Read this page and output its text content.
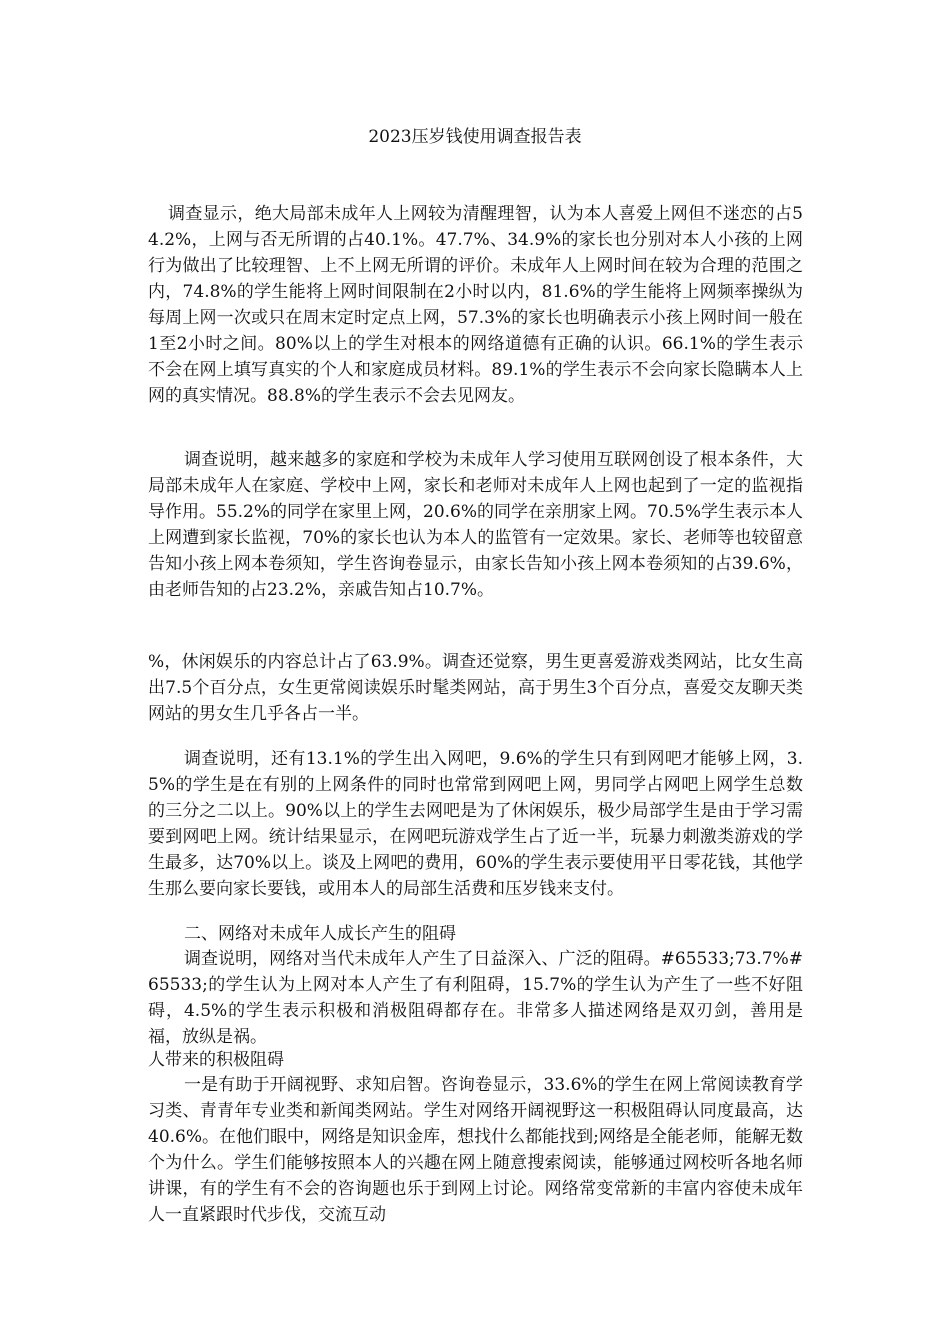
2023压岁钱使用调查报告表

调查显示，绝大局部未成年人上网较为清醒理智，认为本人喜爱上网但不迷恋的占54.2%，上网与否无所谓的占40.1%。47.7%、34.9%的家长也分别对本人小孩的上网行为做出了比较理智、上不上网无所谓的评价。未成年人上网时间在较为合理的范围之内，74.8%的学生能将上网时间限制在2小时以内，81.6%的学生能将上网频率操纵为每周上网一次或只在周末定时定点上网，57.3%的家长也明确表示小孩上网时间一般在1至2小时之间。80%以上的学生对根本的网络道德有正确的认识。66.1%的学生表示不会在网上填写真实的个人和家庭成员材料。89.1%的学生表示不会向家长隐瞒本人上网的真实情况。88.8%的学生表示不会去见网友。

调查说明，越来越多的家庭和学校为未成年人学习使用互联网创设了根本条件，大局部未成年人在家庭、学校中上网，家长和老师对未成年人上网也起到了一定的监视指导作用。55.2%的同学在家里上网，20.6%的同学在亲朋家上网。70.5%学生表示本人上网遭到家长监视，70%的家长也认为本人的监管有一定效果。家长、老师等也较留意告知小孩上网本卷须知，学生咨询卷显示，由家长告知小孩上网本卷须知的占39.6%，由老师告知的占23.2%，亲戚告知占10.7%。

%，休闲娱乐的内容总计占了63.9%。调查还觉察，男生更喜爱游戏类网站，比女生高出7.5个百分点，女生更常阅读娱乐时髦类网站，高于男生3个百分点，喜爱交友聊天类网站的男女生几乎各占一半。

调查说明，还有13.1%的学生出入网吧，9.6%的学生只有到网吧才能够上网，3.5%的学生是在有别的上网条件的同时也常常到网吧上网，男同学占网吧上网学生总数的三分之二以上。90%以上的学生去网吧是为了休闲娱乐，极少局部学生是由于学习需要到网吧上网。统计结果显示，在网吧玩游戏学生占了近一半，玩暴力刺激类游戏的学生最多，达70%以上。谈及上网吧的费用，60%的学生表示要使用平日零花钱，其他学生那么要向家长要钱，或用本人的局部生活费和压岁钱来支付。

二、网络对未成年人成长产生的阻碍

调查说明，网络对当代未成年人产生了日益深入、广泛的阻碍。#65533;73.7%#65533;的学生认为上网对本人产生了有利阻碍，15.7%的学生认为产生了一些不好阻碍，4.5%的学生表示积极和消极阻碍都存在。非常多人描述网络是双刃剑，善用是福，放纵是祸。

人带来的积极阻碍

一是有助于开阔视野、求知启智。咨询卷显示，33.6%的学生在网上常阅读教育学习类、青青年专业类和新闻类网站。学生对网络开阔视野这一积极阻碍认同度最高，达40.6%。在他们眼中，网络是知识金库，想找什么都能找到;网络是全能老师，能解无数个为什么。学生们能够按照本人的兴趣在网上随意搜索阅读，能够通过网校听各地名师讲课，有的学生有不会的咨询题也乐于到网上讨论。网络常变常新的丰富内容使未成年人一直紧跟时代步伐，交流互动
